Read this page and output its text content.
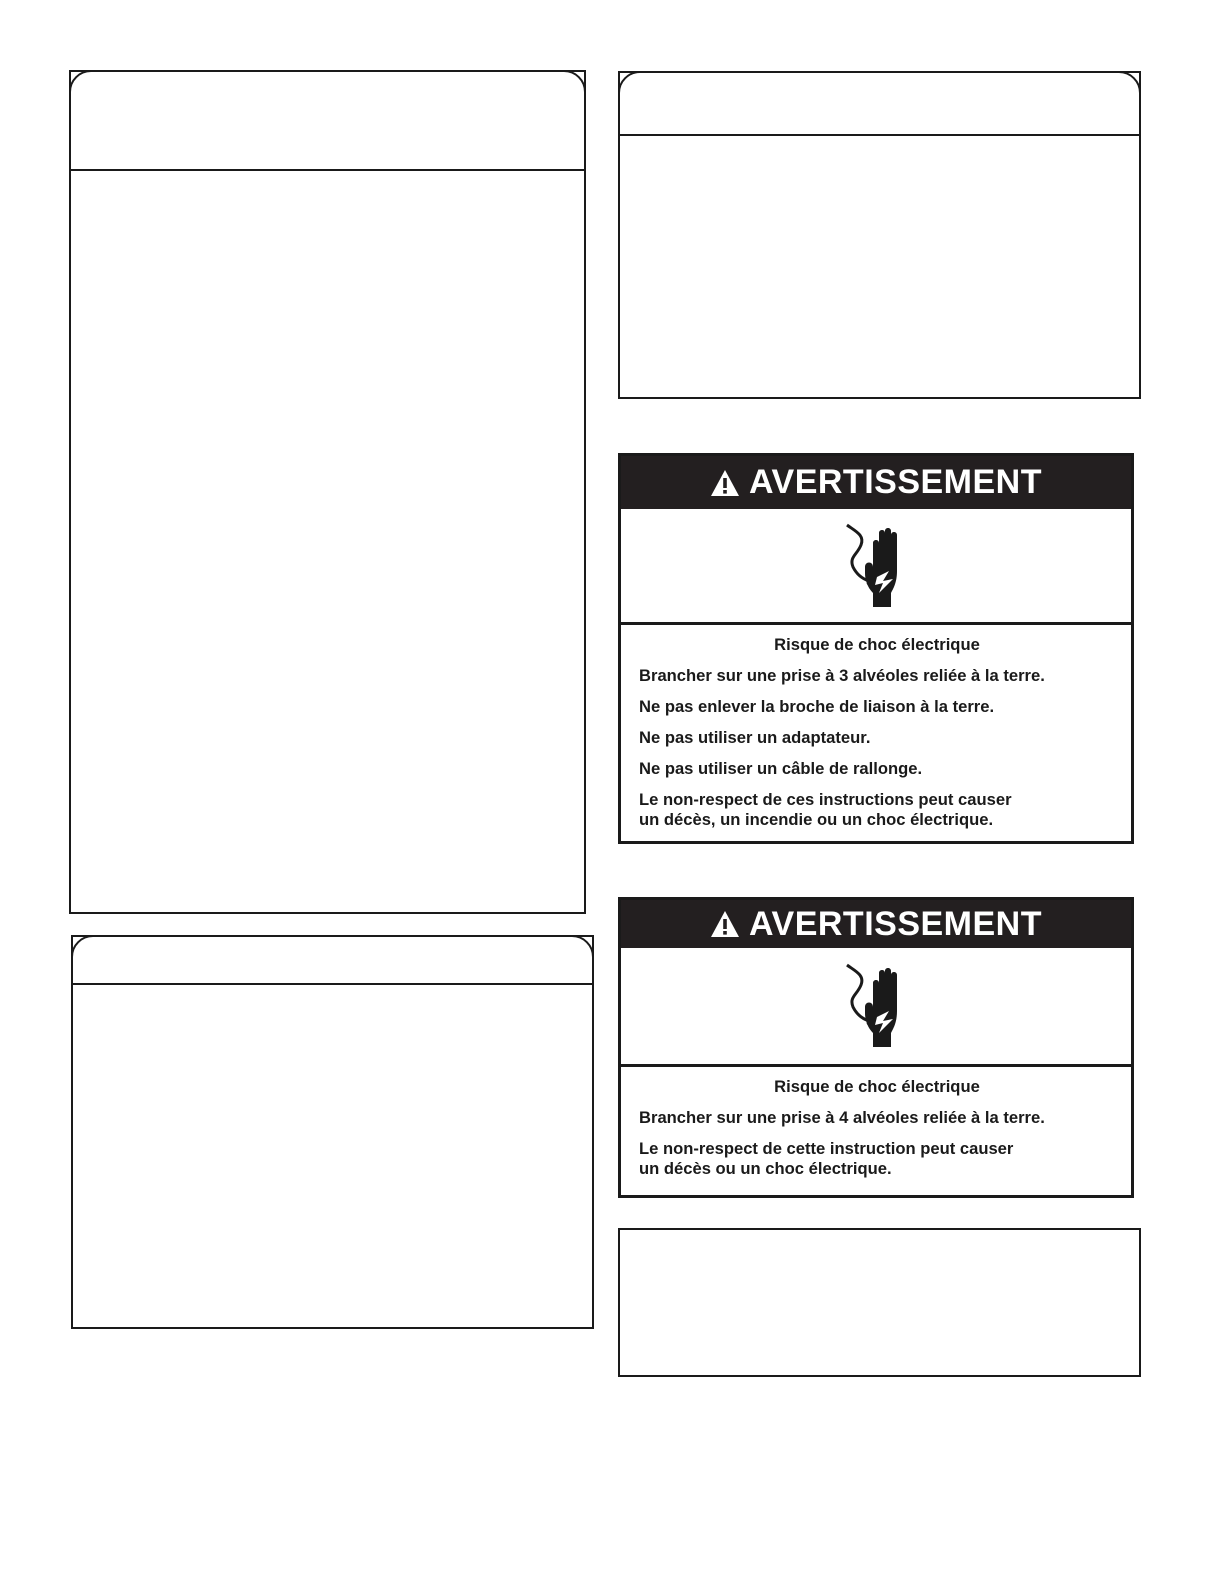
AVERTISSEMENT
Risque de choc électrique

Brancher sur une prise à 3 alvéoles reliée à la terre.

Ne pas enlever la broche de liaison à la terre.

Ne pas utiliser un adaptateur.

Ne pas utiliser un câble de rallonge.

Le non-respect de ces instructions peut causer

un décès, un incendie ou un choc électrique.

AVERTISSEMENT
Risque de choc électrique

Brancher sur une prise à 4 alvéoles reliée à la terre.

Le non-respect de cette instruction peut causer

un décès ou un choc électrique.
